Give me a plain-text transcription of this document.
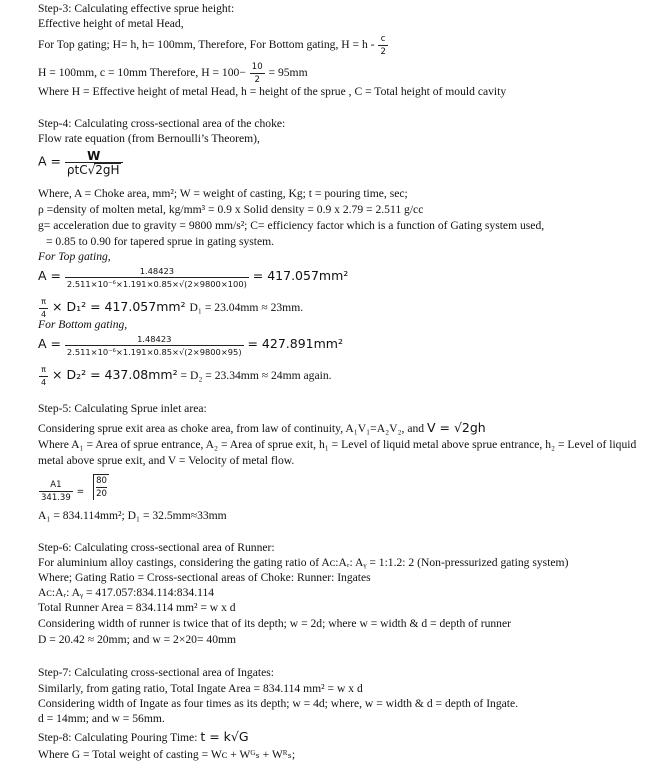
Step-3: Calculating effective sprue height:
Effective height of metal Head,
For Top gating; H= h, h= 100mm, Therefore, For Bottom gating, $H = h - \frac{c}{2}$
H = 100mm, c = 10mm Therefore, $H = 100- \frac{10}{2} = 95mm$
Where H = Effective height of metal Head, h = height of the sprue , C = Total height of mould cavity
Step-4: Calculating cross-sectional area of the choke:
Flow rate equation (from Bernoulli’s Theorem),
$A = \frac{W}{\text{ρtC√2gH}}$
Where, A = Choke area, mm²; W = weight of casting, Kg; t = pouring time, sec;
ρ =density of molten metal, kg/mm³ = 0.9 x Solid density = 0.9 x 2.79 = 2.511 g/cc
g= acceleration due to gravity = 9800 mm/s²; C= efficiency factor which is a function of Gating system used,
= 0.85 to 0.90 for tapered sprue in gating system.
For Top gating,
$A = \frac{1.48423}{\text{2.511×10⁻⁶×1.191×0.85×√(2×9800×100)}} = 417.057mm^2$
$\frac{\pi}{4} \times D_1^2 = 417.057mm^2$ D₁ = 23.04mm ≈ 23mm.
For Bottom gating,
$A = \frac{1.48423}{\text{2.511×10⁻⁶×1.191×0.85×√(2×9800×95)}} = 427.891mm^2$
$\frac{\pi}{4} \times D_2^2 = 437.08mm^2 = D_2 = 23.34mm \approx 24mm$ again.
Step-5: Calculating Sprue inlet area:
Considering sprue exit area as choke area, from law of continuity, A₁V₁=A₂V₂, and V = √2gh
Where A₁ = Area of sprue entrance, A₂ = Area of sprue exit, h₁ = Level of liquid metal above sprue entrance, h₂ = Level of liquid
metal above sprue exit, and V = Velocity of metal flow.
$\frac{A1}{341.39} = \frac{80}{20}$
A₁ = 834.114mm²; D₁ = 32.5mm≈33mm
Step-6: Calculating cross-sectional area of Runner:
For aluminium alloy castings, considering the gating ratio of Aᴄ:Aᵣ: Aᵧ = 1:1.2: 2 (Non-pressurized gating system)
Where; Gating Ratio = Cross-sectional areas of Choke: Runner: Ingates
Aᴄ:Aᵣ: Aᵧ = 417.057:834.114:834.114
Total Runner Area = 834.114 mm² = w x d
Considering width of runner is twice that of its depth; w = 2d; where w = width & d = depth of runner
D = 20.42 ≈ 20mm; and w = 2×20= 40mm
Step-7: Calculating cross-sectional area of Ingates:
Similarly, from gating ratio, Total Ingate Area = 834.114 mm² = w x d
Considering width of Ingate as four times as its depth; w = 4d; where, w = width & d = depth of Ingate.
d = 14mm; and w = 56mm.
Step-8: Calculating Pouring Time: t = k√G
Where G = Total weight of casting = Wᴄ + Wᴳₛ + Wᴿₛ;
